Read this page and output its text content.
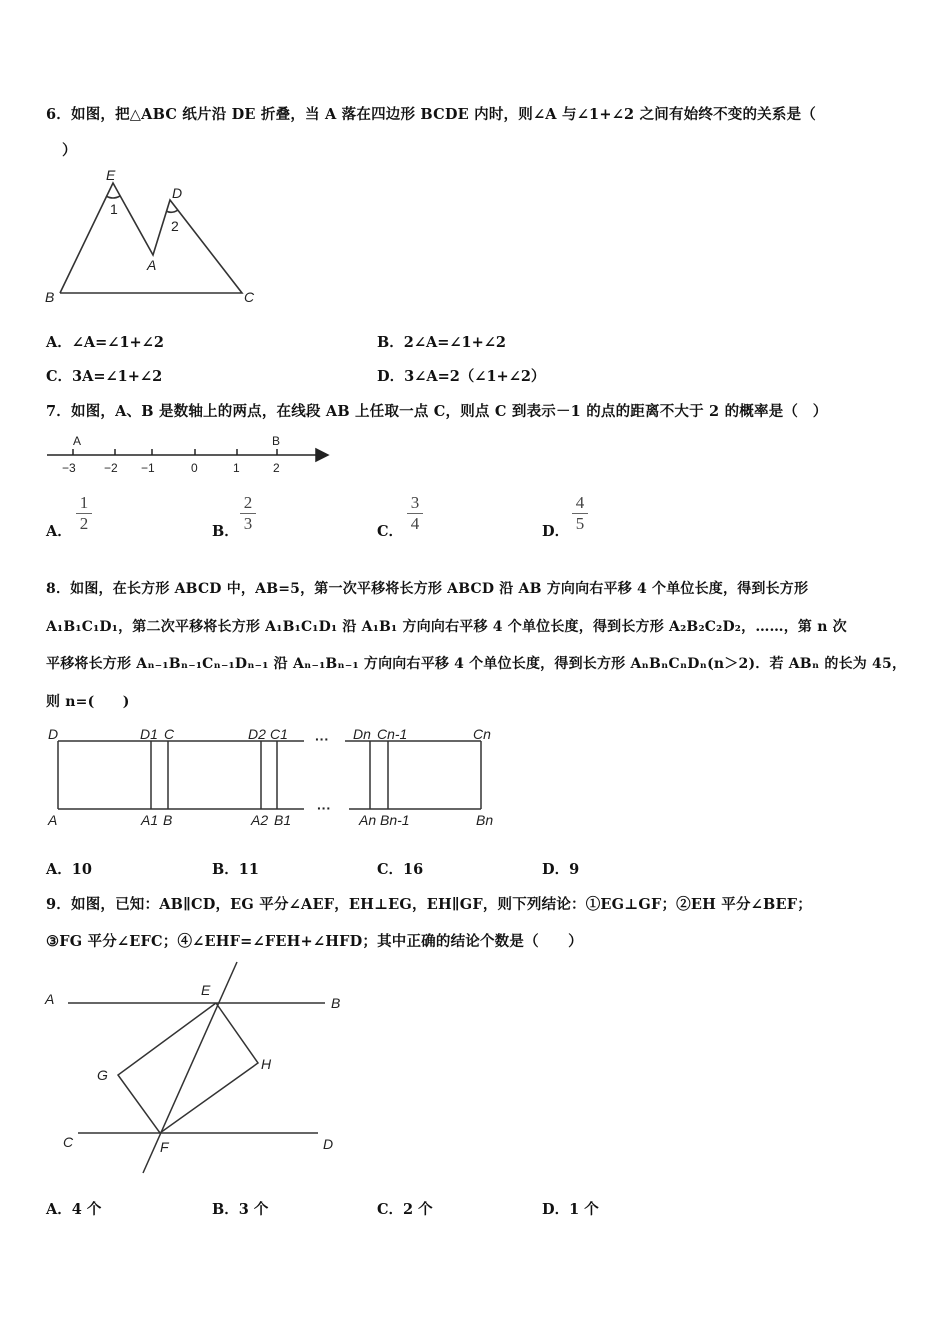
6．如图，把△ABC 纸片沿 DE 折叠，当 A 落在四边形 BCDE 内时，则∠A 与∠1+∠2 之间有始终不变的关系是（
）
E
D
A
B	C
1
2
A	B
−3 −2 −1	0	1	2
D	D1 C	D2 C1 ··· Dn Cn-1	Cn
A	A1 B	A2 B1
···
An Bn-1	Bn
A	B
C	D
E
F
G
H
A．∠A=∠1+∠2	B．2∠A=∠1+∠2
C．3A=∠1+∠2	D．3∠A=2（∠1+∠2）
7．如图，A、B 是数轴上的两点，在线段 AB 上任取一点 C，则点 C 到表示－1 的点的距离不大于 2 的概率是（　）
A． $\frac{1}{2}$	B． $\frac{2}{3}$	C． $\frac{3}{4}$	D． $\frac{4}{5}$
8．如图，在长方形 ABCD 中，AB=5，第一次平移将长方形 ABCD 沿 AB 方向向右平移 4 个单位长度，得到长方形
A₁B₁C₁D₁，第二次平移将长方形 A₁B₁C₁D₁ 沿 A₁B₁ 方向向右平移 4 个单位长度，得到长方形 A₂B₂C₂D₂，……，第 n 次
平移将长方形 Aₙ₋₁Bₙ₋₁Cₙ₋₁Dₙ₋₁ 沿 Aₙ₋₁Bₙ₋₁ 方向向右平移 4 个单位长度，得到长方形 AₙBₙCₙDₙ(n＞2)．若 ABₙ 的长为 45，
则 n=(　　)
A．10	B．11	C．16	D．9
9．如图，已知：AB∥CD，EG 平分∠AEF，EH⊥EG，EH∥GF，则下列结论：①EG⊥GF；②EH 平分∠BEF；
③FG 平分∠EFC；④∠EHF=∠FEH+∠HFD；其中正确的结论个数是（　　）
A．4 个	B．3 个	C．2 个	D．1 个
